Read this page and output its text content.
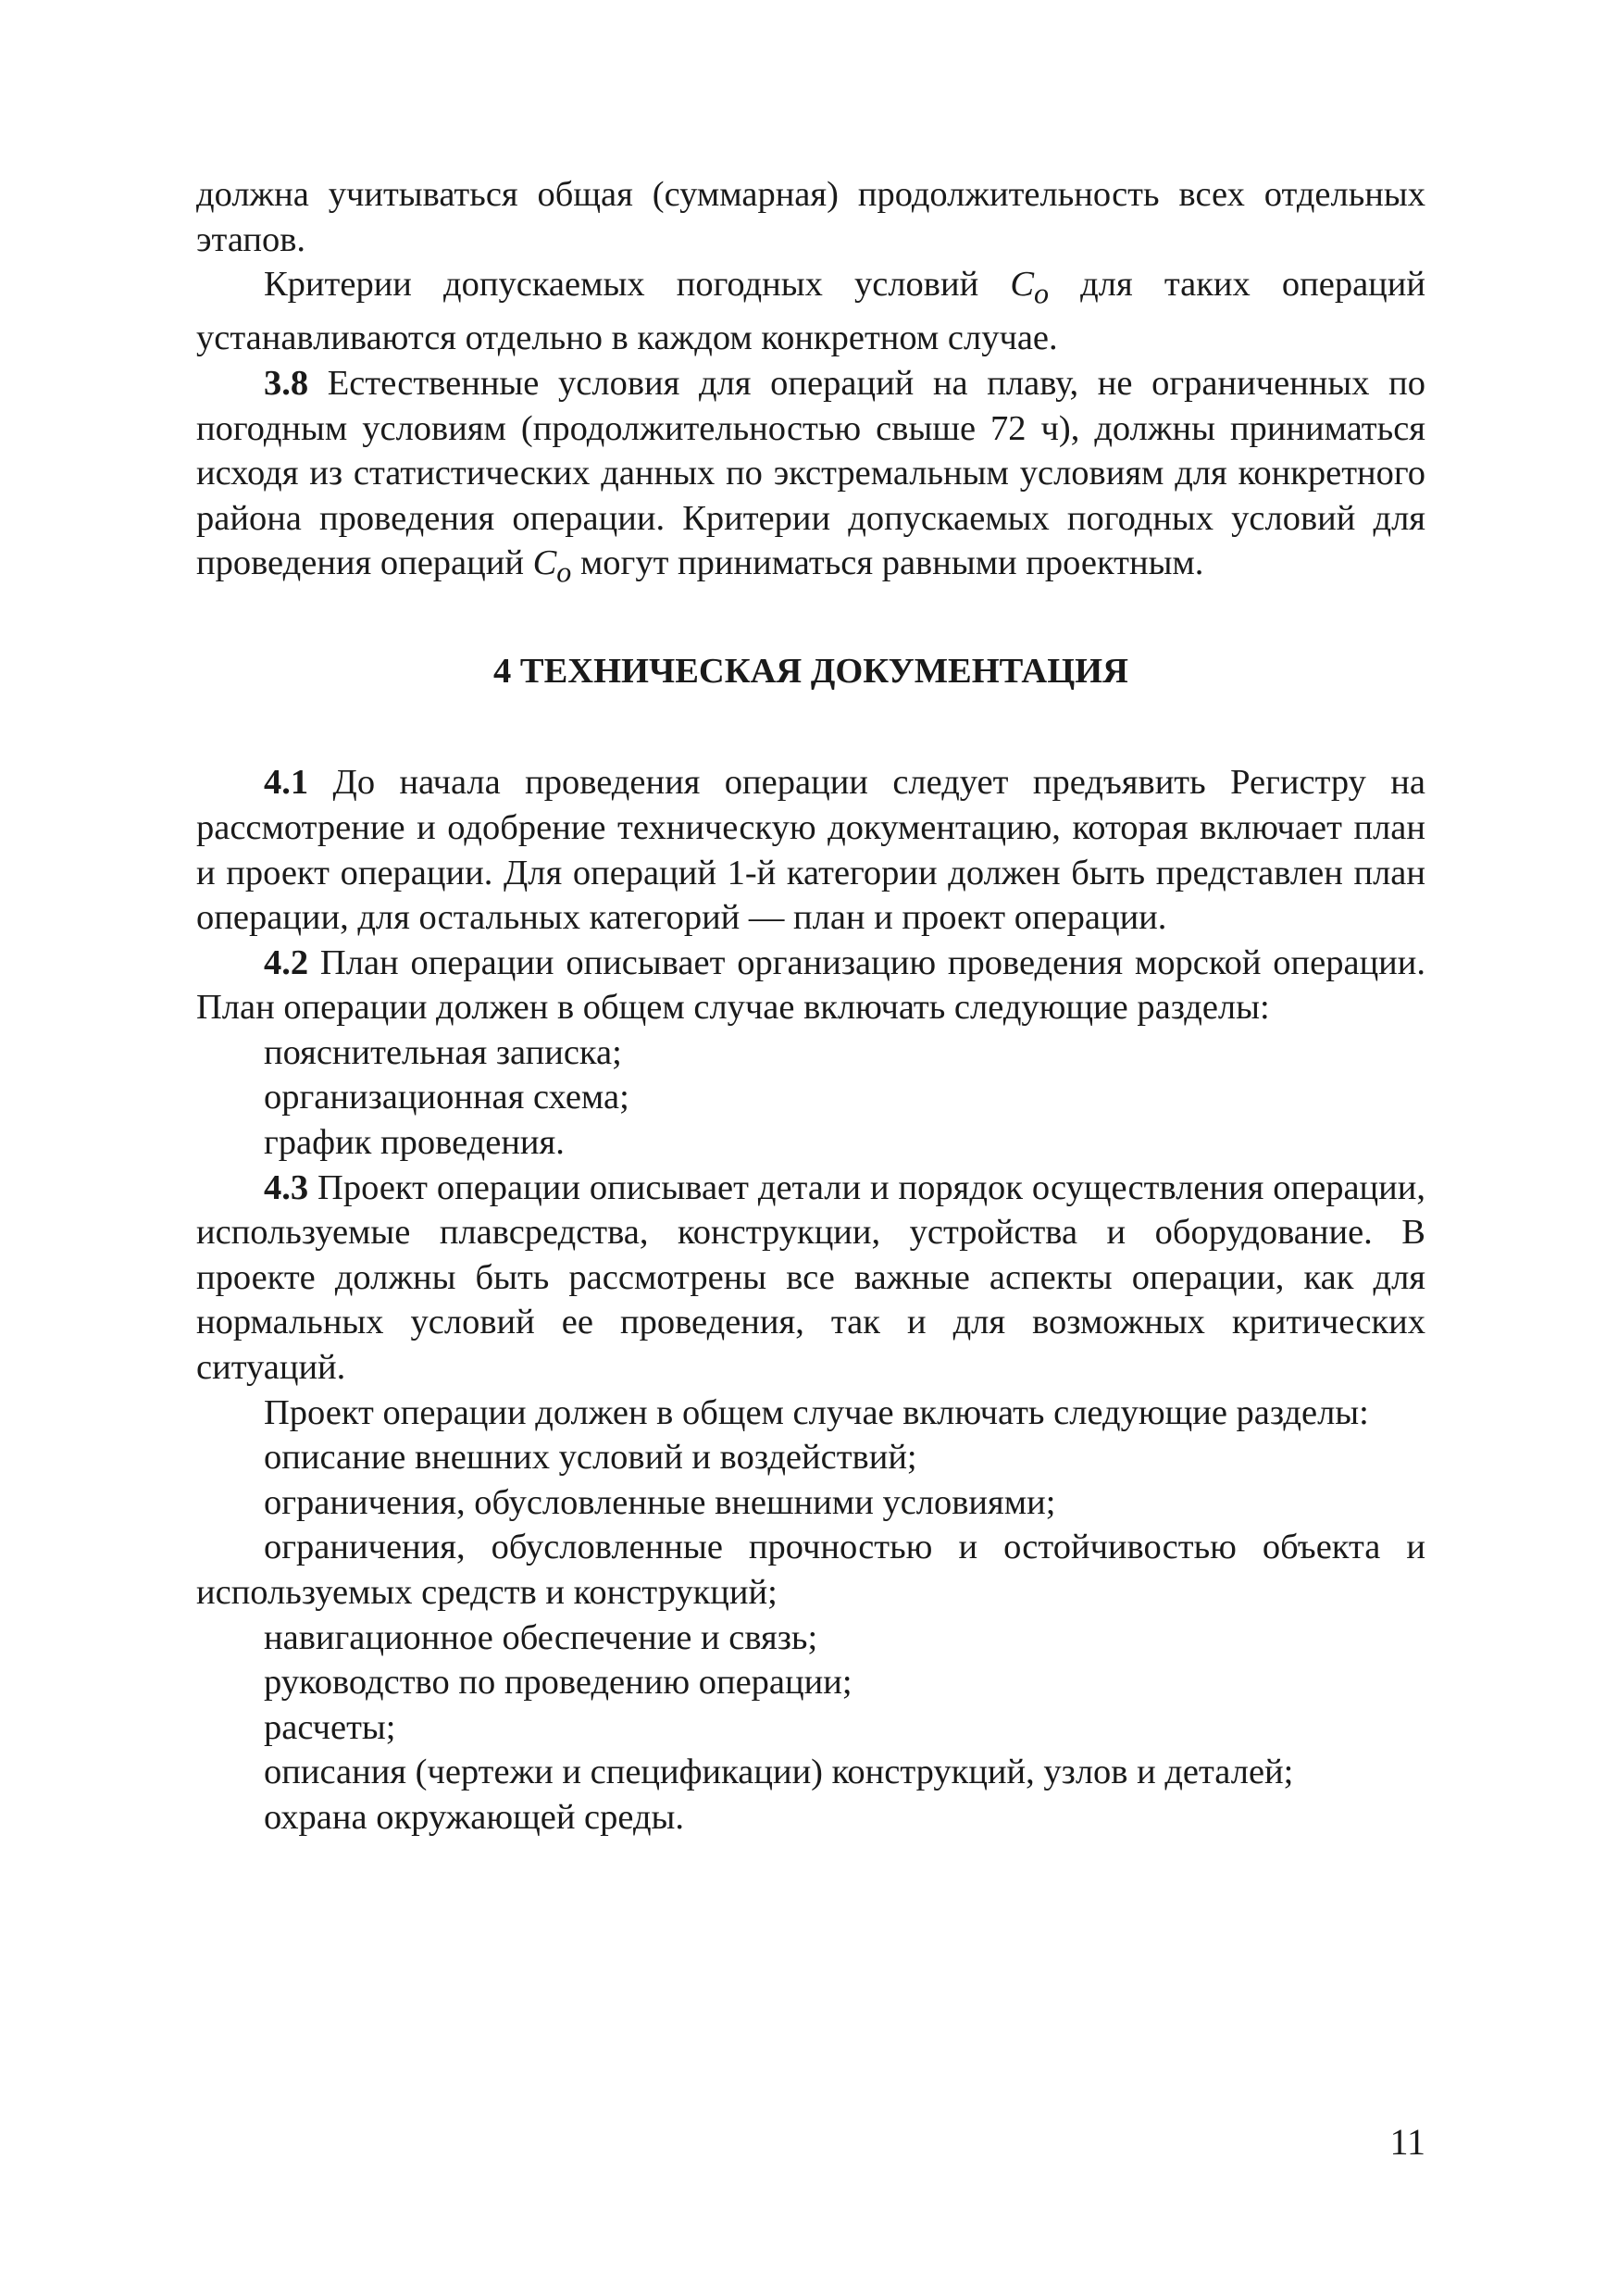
должна учитываться общая (суммарная) продолжительность всех отдельных этапов.

Критерии допускаемых погодных условий $C_o$ для таких операций устанавливаются отдельно в каждом конкретном случае.

3.8 Естественные условия для операций на плаву, не ограниченных по погодным условиям (продолжительностью свыше 72 ч), должны приниматься исходя из статистических данных по экстремальным условиям для конкретного района проведения операции. Критерии допускаемых погодных условий для проведения операций $C_o$ могут приниматься равными проектным.

4 ТЕХНИЧЕСКАЯ ДОКУМЕНТАЦИЯ

4.1 До начала проведения операции следует предъявить Регистру на рассмотрение и одобрение техническую документацию, которая включает план и проект операции. Для операций 1-й категории должен быть представлен план операции, для остальных категорий — план и проект операции.

4.2 План операции описывает организацию проведения морской операции. План операции должен в общем случае включать следующие разделы:

пояснительная записка;

организационная схема;

график проведения.

4.3 Проект операции описывает детали и порядок осуществления операции, используемые плавсредства, конструкции, устройства и оборудование. В проекте должны быть рассмотрены все важные аспекты операции, как для нормальных условий ее проведения, так и для возможных критических ситуаций.

Проект операции должен в общем случае включать следующие разделы:

описание внешних условий и воздействий;

ограничения, обусловленные внешними условиями;

ограничения, обусловленные прочностью и остойчивостью объекта и используемых средств и конструкций;

навигационное обеспечение и связь;

руководство по проведению операции;

расчеты;

описания (чертежи и спецификации) конструкций, узлов и деталей;

охрана окружающей среды.

11
